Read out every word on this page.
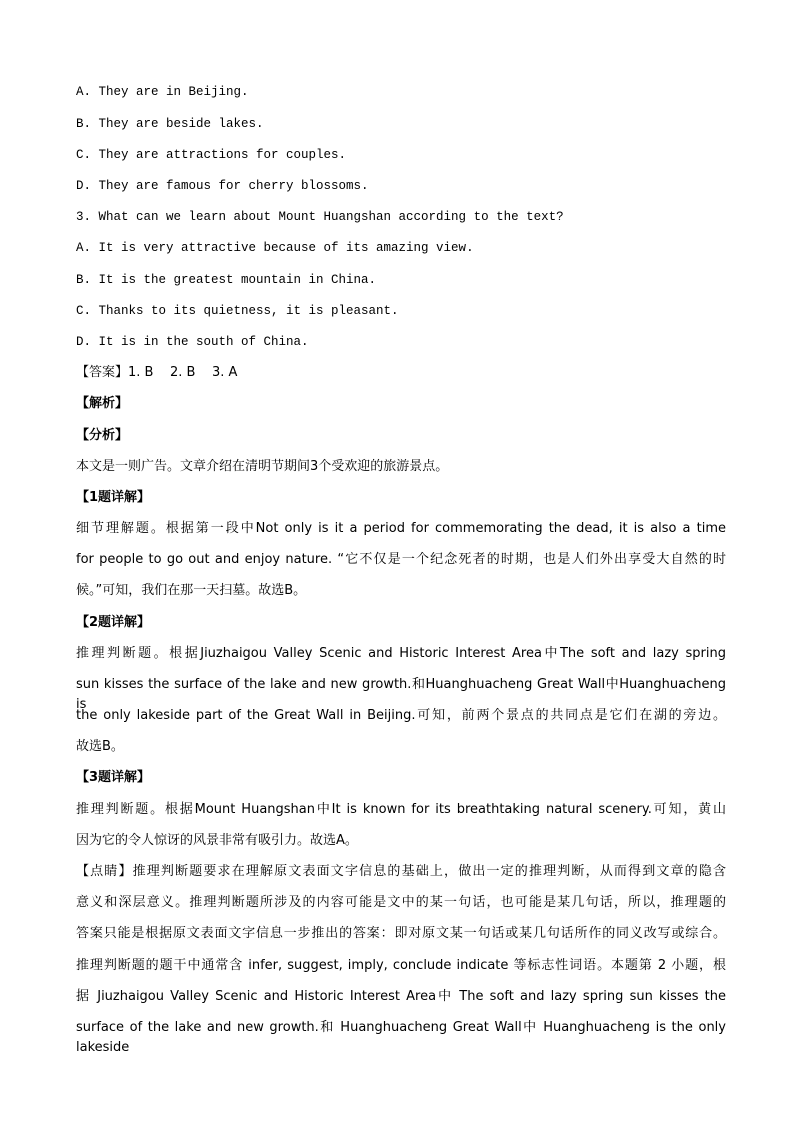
A. They are in Beijing.
B. They are beside lakes.
C. They are attractions for couples.
D. They are famous for cherry blossoms.
3. What can we learn about Mount Huangshan according to the text?
A. It is very attractive because of its amazing view.
B. It is the greatest mountain in China.
C. Thanks to its quietness, it is pleasant.
D. It is in the south of China.
【答案】1. B    2. B    3. A
【解析】
【分析】
本文是一则广告。文章介绍在清明节期间3个受欢迎的旅游景点。
【1题详解】
细节理解题。根据第一段中Not only is it a period for commemorating the dead, it is also a time
for people to go out and enjoy nature. “它不仅是一个纪念死者的时期，也是人们外出享受大自然的时
候。”可知，我们在那一天扫墓。故选B。
【2题详解】
推理判断题。根据Jiuzhaigou Valley Scenic and Historic Interest Area中The soft and lazy spring
sun kisses the surface of the lake and new growth.和Huanghuacheng Great Wall中Huanghuacheng is
the only lakeside part of the Great Wall in Beijing.可知，前两个景点的共同点是它们在湖的旁边。
故选B。
【3题详解】
推理判断题。根据Mount Huangshan中It is known for its breathtaking natural scenery.可知，黄山
因为它的令人惊讶的风景非常有吸引力。故选A。
【点睛】推理判断题要求在理解原文表面文字信息的基础上，做出一定的推理判断，从而得到文章的隐含
意义和深层意义。推理判断题所涉及的内容可能是文中的某一句话，也可能是某几句话，所以，推理题的
答案只能是根据原文表面文字信息一步推出的答案：即对原文某一句话或某几句话所作的同义改写或综合。
推理判断题的题干中通常含 infer, suggest, imply, conclude indicate 等标志性词语。本题第 2 小题，根
据 Jiuzhaigou Valley Scenic and Historic Interest Area中 The soft and lazy spring sun kisses the
surface of the lake and new growth.和 Huanghuacheng Great Wall中 Huanghuacheng is the only lakeside
